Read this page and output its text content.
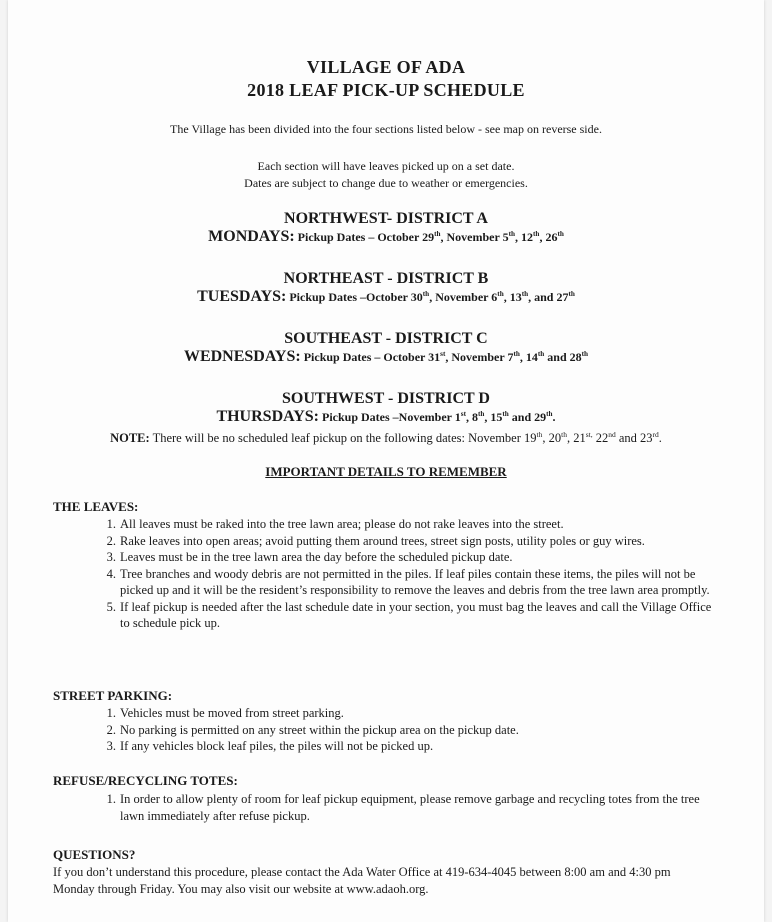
VILLAGE OF ADA
2018 LEAF PICK-UP SCHEDULE
The Village has been divided into the four sections listed below - see map on reverse side.
Each section will have leaves picked up on a set date.
Dates are subject to change due to weather or emergencies.
NORTHWEST- DISTRICT A
MONDAYS: Pickup Dates – October 29th, November 5th, 12th, 26th
NORTHEAST - DISTRICT B
TUESDAYS: Pickup Dates –October 30th, November 6th, 13th, and 27th
SOUTHEAST - DISTRICT C
WEDNESDAYS: Pickup Dates – October 31st, November 7th, 14th and 28th
SOUTHWEST - DISTRICT D
THURSDAYS: Pickup Dates –November 1st, 8th, 15th and 29th.
NOTE: There will be no scheduled leaf pickup on the following dates: November 19th, 20th, $21^{st,}$ 22nd and 23rd.
IMPORTANT DETAILS TO REMEMBER
THE LEAVES:
1. All leaves must be raked into the tree lawn area; please do not rake leaves into the street.
2. Rake leaves into open areas; avoid putting them around trees, street sign posts, utility poles or guy wires.
3. Leaves must be in the tree lawn area the day before the scheduled pickup date.
4. Tree branches and woody debris are not permitted in the piles. If leaf piles contain these items, the piles will not be picked up and it will be the resident’s responsibility to remove the leaves and debris from the tree lawn area promptly.
5. If leaf pickup is needed after the last schedule date in your section, you must bag the leaves and call the Village Office to schedule pick up.
STREET PARKING:
1. Vehicles must be moved from street parking.
2. No parking is permitted on any street within the pickup area on the pickup date.
3. If any vehicles block leaf piles, the piles will not be picked up.
REFUSE/RECYCLING TOTES:
1. In order to allow plenty of room for leaf pickup equipment, please remove garbage and recycling totes from the tree lawn immediately after refuse pickup.
QUESTIONS?
If you don’t understand this procedure, please contact the Ada Water Office at 419-634-4045 between 8:00 am and 4:30 pm Monday through Friday. You may also visit our website at www.adaoh.org.
